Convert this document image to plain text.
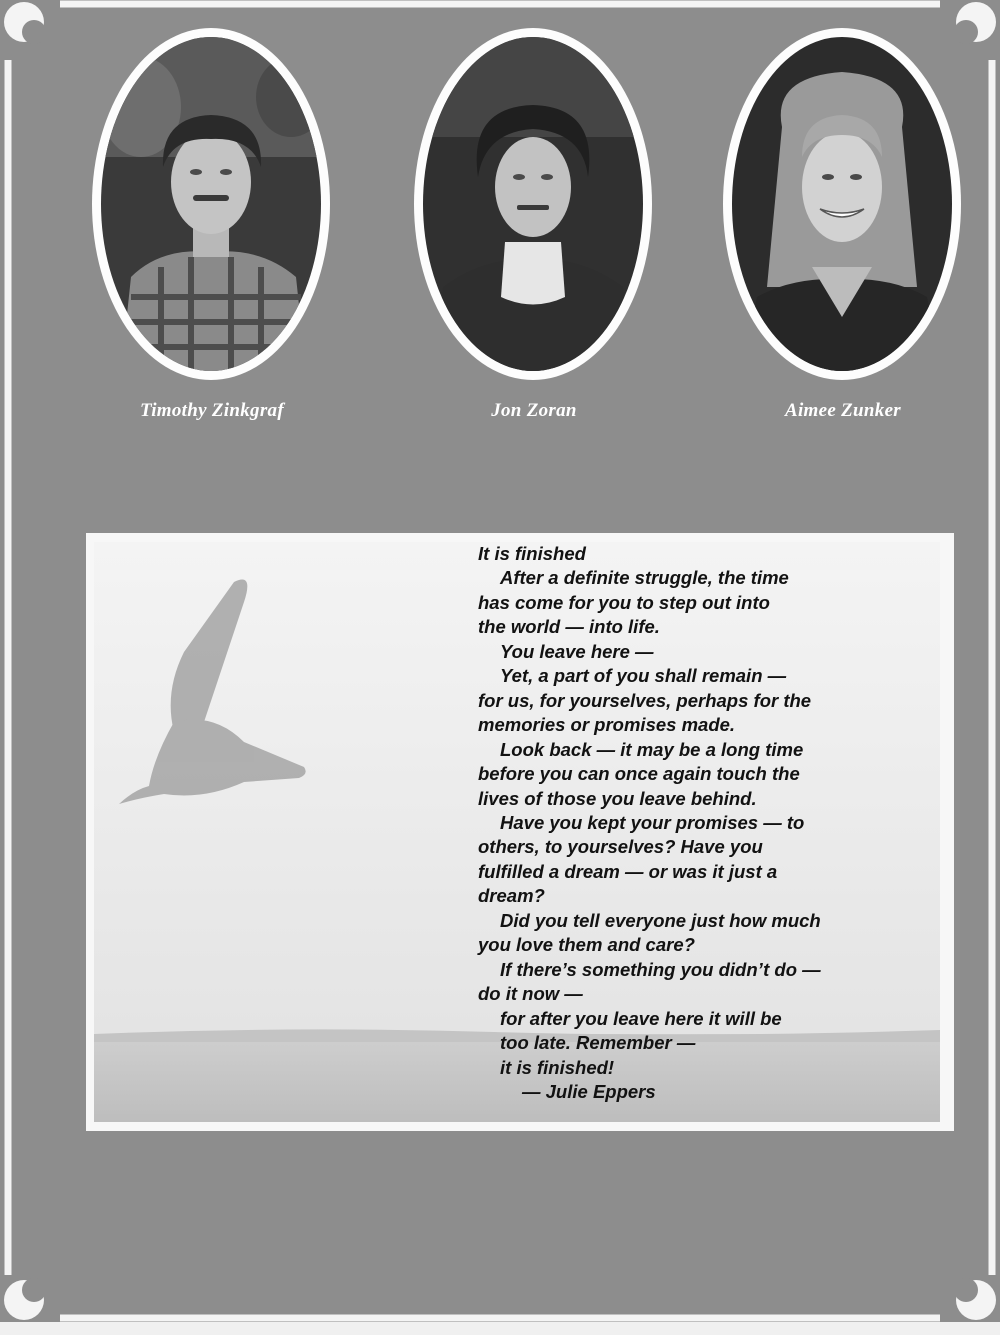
Timothy Zinkgraf	Jon Zoran	Aimee Zunker
It is finished
After a definite struggle, the time
has come for you to step out into
the world — into life.
You leave here —
Yet, a part of you shall remain —
for us, for yourselves, perhaps for the
memories or promises made.
Look back — it may be a long time
before you can once again touch the
lives of those you leave behind.
Have you kept your promises — to
others, to yourselves? Have you
fulfilled a dream — or was it just a
dream?
Did you tell everyone just how much
you love them and care?
If there’s something you didn’t do —
do it now —
for after you leave here it will be
too late. Remember —
it is finished!
— Julie Eppers
